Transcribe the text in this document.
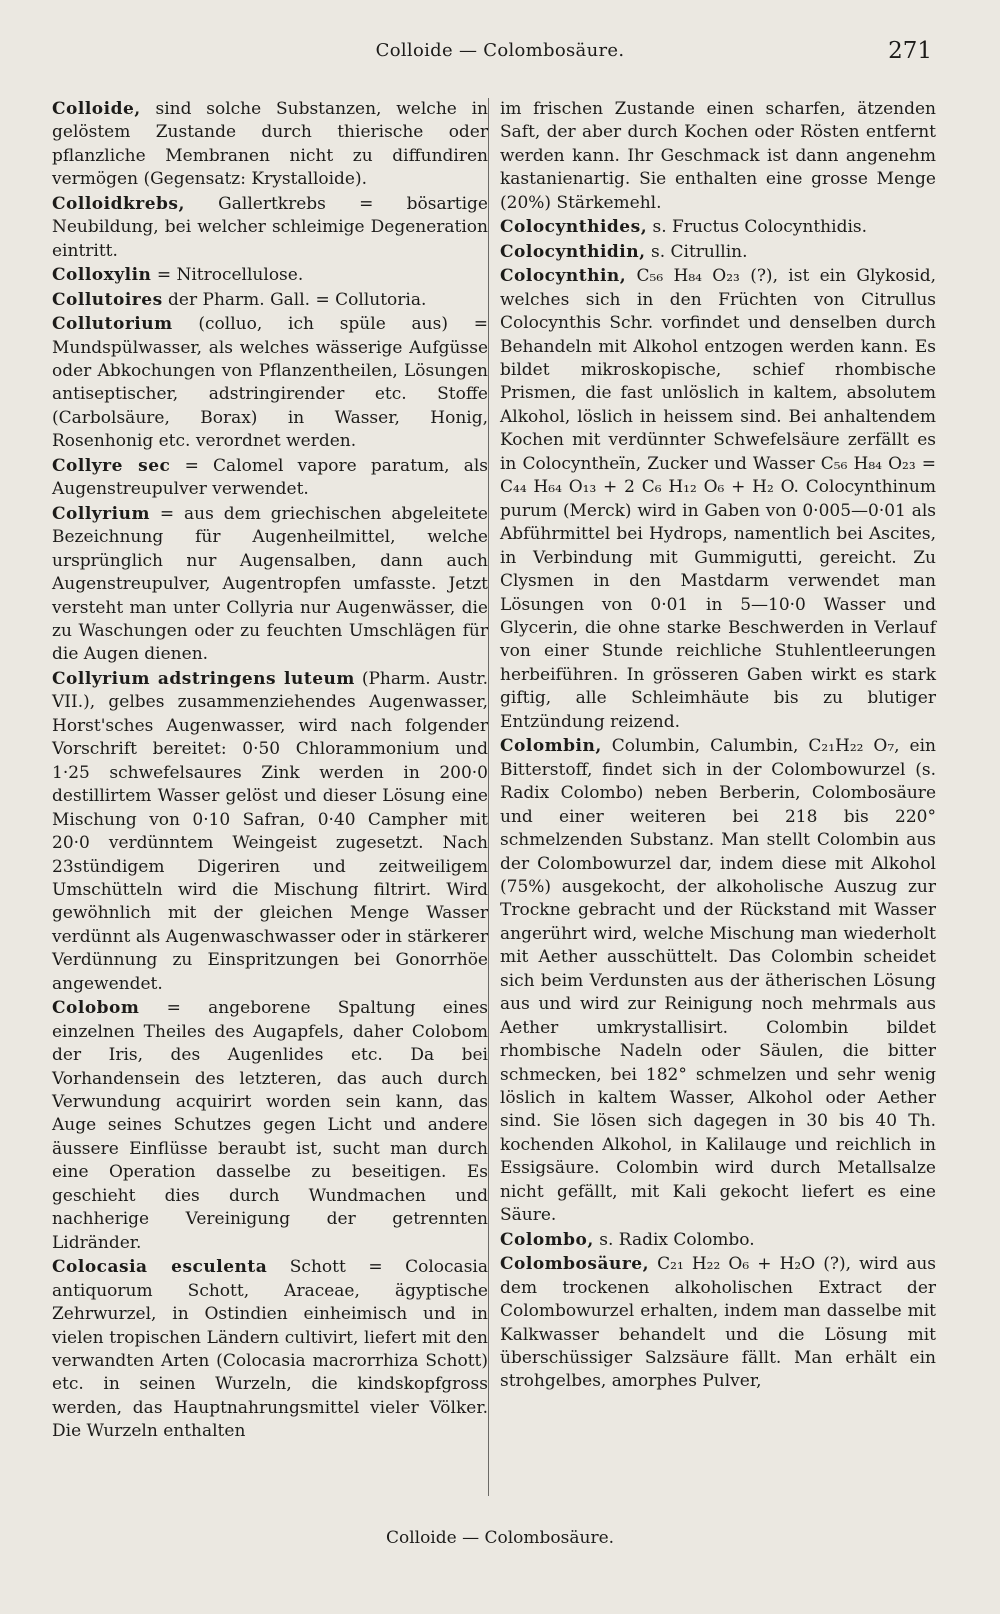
Colloide — Colombosäure.	271

Colloide, sind solche Substanzen, welche in gelöstem Zustande durch thierische oder pflanzliche Membranen nicht zu diffundiren vermögen (Gegensatz: Krystalloide).

Colloidkrebs, Gallertkrebs = bösartige Neubildung, bei welcher schleimige Degeneration eintritt.

Colloxylin = Nitrocellulose.

Collutoires der Pharm. Gall. = Collutoria.

Collutorium (colluo, ich spüle aus) = Mundspülwasser, als welches wässerige Aufgüsse oder Abkochungen von Pflanzentheilen, Lösungen antiseptischer, adstringirender etc. Stoffe (Carbolsäure, Borax) in Wasser, Honig, Rosenhonig etc. verordnet werden.

Collyre sec = Calomel vapore paratum, als Augenstreupulver verwendet.

Collyrium = aus dem griechischen abgeleitete Bezeichnung für Augenheilmittel, welche ursprünglich nur Augensalben, dann auch Augenstreupulver, Augentropfen umfasste. Jetzt versteht man unter Collyria nur Augenwässer, die zu Waschungen oder zu feuchten Umschlägen für die Augen dienen.

Collyrium adstringens luteum (Pharm. Austr. VII.), gelbes zusammenziehendes Augenwasser, Horst'sches Augenwasser, wird nach folgender Vorschrift bereitet: 0·50 Chlorammonium und 1·25 schwefelsaures Zink werden in 200·0 destillirtem Wasser gelöst und dieser Lösung eine Mischung von 0·10 Safran, 0·40 Campher mit 20·0 verdünntem Weingeist zugesetzt. Nach 23stündigem Digeriren und zeitweiligem Umschütteln wird die Mischung filtrirt. Wird gewöhnlich mit der gleichen Menge Wasser verdünnt als Augenwaschwasser oder in stärkerer Verdünnung zu Einspritzungen bei Gonorrhöe angewendet.

Colobom = angeborene Spaltung eines einzelnen Theiles des Augapfels, daher Colobom der Iris, des Augenlides etc. Da bei Vorhandensein des letzteren, das auch durch Verwundung acquirirt worden sein kann, das Auge seines Schutzes gegen Licht und andere äussere Einflüsse beraubt ist, sucht man durch eine Operation dasselbe zu beseitigen. Es geschieht dies durch Wundmachen und nachherige Vereinigung der getrennten Lidränder.

Colocasia esculenta Schott = Colocasia antiquorum Schott, Araceae, ägyptische Zehrwurzel, in Ostindien einheimisch und in vielen tropischen Ländern cultivirt, liefert mit den verwandten Arten (Colocasia macrorrhiza Schott) etc. in seinen Wurzeln, die kindskopfgross werden, das Hauptnahrungsmittel vieler Völker. Die Wurzeln enthalten

im frischen Zustande einen scharfen, ätzenden Saft, der aber durch Kochen oder Rösten entfernt werden kann. Ihr Geschmack ist dann angenehm kastanienartig. Sie enthalten eine grosse Menge (20%) Stärkemehl.

Colocynthides, s. Fructus Colocynthidis.

Colocynthidin, s. Citrullin.

Colocynthin, C₅₆ H₈₄ O₂₃ (?), ist ein Glykosid, welches sich in den Früchten von Citrullus Colocynthis Schr. vorfindet und denselben durch Behandeln mit Alkohol entzogen werden kann. Es bildet mikroskopische, schief rhombische Prismen, die fast unlöslich in kaltem, absolutem Alkohol, löslich in heissem sind. Bei anhaltendem Kochen mit verdünnter Schwefelsäure zerfällt es in Colocyntheïn, Zucker und Wasser C₅₆ H₈₄ O₂₃ = C₄₄ H₆₄ O₁₃ + 2 C₆ H₁₂ O₆ + H₂ O. Colocynthinum purum (Merck) wird in Gaben von 0·005—0·01 als Abführmittel bei Hydrops, namentlich bei Ascites, in Verbindung mit Gummigutti, gereicht. Zu Clysmen in den Mastdarm verwendet man Lösungen von 0·01 in 5—10·0 Wasser und Glycerin, die ohne starke Beschwerden in Verlauf von einer Stunde reichliche Stuhlentleerungen herbeiführen. In grösseren Gaben wirkt es stark giftig, alle Schleimhäute bis zu blutiger Entzündung reizend.

Colombin, Columbin, Calumbin, C₂₁H₂₂ O₇, ein Bitterstoff, findet sich in der Colombowurzel (s. Radix Colombo) neben Berberin, Colombosäure und einer weiteren bei 218 bis 220° schmelzenden Substanz. Man stellt Colombin aus der Colombowurzel dar, indem diese mit Alkohol (75%) ausgekocht, der alkoholische Auszug zur Trockne gebracht und der Rückstand mit Wasser angerührt wird, welche Mischung man wiederholt mit Aether ausschüttelt. Das Colombin scheidet sich beim Verdunsten aus der ätherischen Lösung aus und wird zur Reinigung noch mehrmals aus Aether umkrystallisirt. Colombin bildet rhombische Nadeln oder Säulen, die bitter schmecken, bei 182° schmelzen und sehr wenig löslich in kaltem Wasser, Alkohol oder Aether sind. Sie lösen sich dagegen in 30 bis 40 Th. kochenden Alkohol, in Kalilauge und reichlich in Essigsäure. Colombin wird durch Metallsalze nicht gefällt, mit Kali gekocht liefert es eine Säure.

Colombo, s. Radix Colombo.

Colombosäure, C₂₁ H₂₂ O₆ + H₂O (?), wird aus dem trockenen alkoholischen Extract der Colombowurzel erhalten, indem man dasselbe mit Kalkwasser behandelt und die Lösung mit überschüssiger Salzsäure fällt. Man erhält ein strohgelbes, amorphes Pulver,

Colloide — Colombosäure.
